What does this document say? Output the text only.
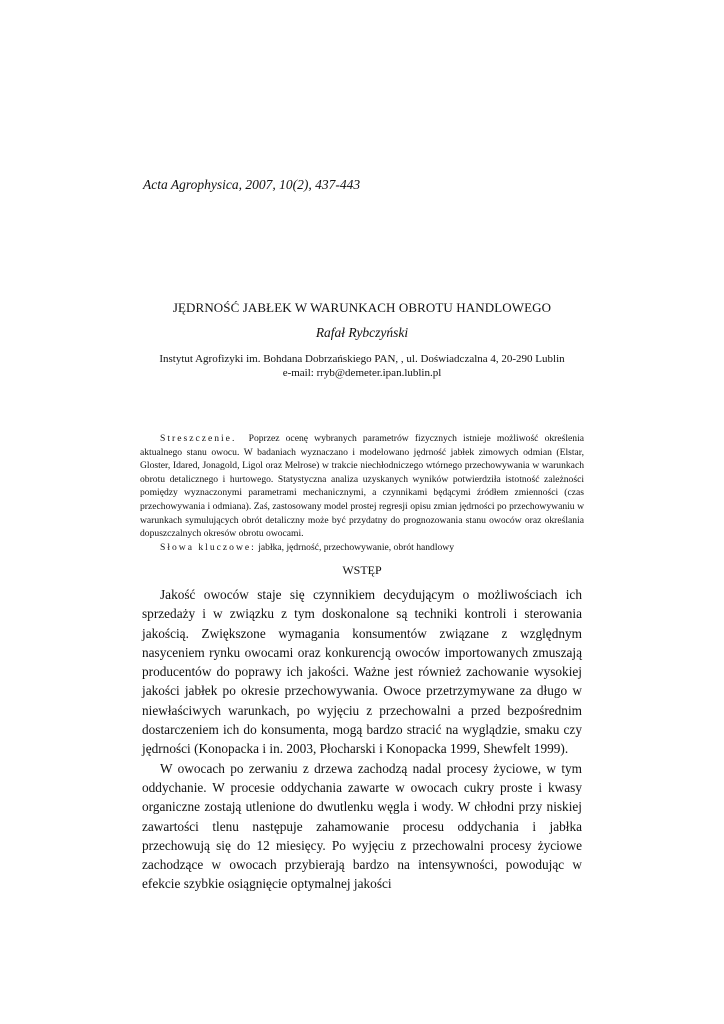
Acta Agrophysica, 2007, 10(2), 437-443

JĘDRNOŚĆ JABŁEK W WARUNKACH OBROTU HANDLOWEGO

Rafał Rybczyński

Instytut Agrofizyki im. Bohdana Dobrzańskiego PAN, , ul. Doświadczalna 4, 20-290 Lublin
e-mail: rryb@demeter.ipan.lublin.pl

Streszczenie. Poprzez ocenę wybranych parametrów fizycznych istnieje możliwość określenia aktualnego stanu owocu. W badaniach wyznaczano i modelowano jędrność jabłek zimowych odmian (Elstar, Gloster, Idared, Jonagold, Ligol oraz Melrose) w trakcie niechłodniczego wtórnego przechowywania w warunkach obrotu detalicznego i hurtowego. Statystyczna analiza uzyskanych wyników potwierdziła istotność zależności pomiędzy wyznaczonymi parametrami mechanicznymi, a czynnikami będącymi źródłem zmienności (czas przechowywania i odmiana). Zaś, zastosowany model prostej regresji opisu zmian jędrności po przechowywaniu w warunkach symulujących obrót detaliczny może być przydatny do prognozowania stanu owoców oraz określania dopuszczalnych okresów obrotu owocami.

Słowa kluczowe: jabłka, jędrność, przechowywanie, obrót handlowy

WSTĘP

Jakość owoców staje się czynnikiem decydującym o możliwościach ich sprzedaży i w związku z tym doskonalone są techniki kontroli i sterowania jakością. Zwiększone wymagania konsumentów związane z względnym nasyceniem rynku owocami oraz konkurencją owoców importowanych zmuszają producentów do poprawy ich jakości. Ważne jest również zachowanie wysokiej jakości jabłek po okresie przechowywania. Owoce przetrzymywane za długo w niewłaściwych warunkach, po wyjęciu z przechowalni a przed bezpośrednim dostarczeniem ich do konsumenta, mogą bardzo stracić na wyglądzie, smaku czy jędrności (Konopacka i in. 2003, Płocharski i Konopacka 1999, Shewfelt 1999).

W owocach po zerwaniu z drzewa zachodzą nadal procesy życiowe, w tym oddychanie. W procesie oddychania zawarte w owocach cukry proste i kwasy organiczne zostają utlenione do dwutlenku węgla i wody. W chłodni przy niskiej zawartości tlenu następuje zahamowanie procesu oddychania i jabłka przechowują się do 12 miesięcy. Po wyjęciu z przechowalni procesy życiowe zachodzące w owocach przybierają bardzo na intensywności, powodując w efekcie szybkie osiągnięcie optymalnej jakości
